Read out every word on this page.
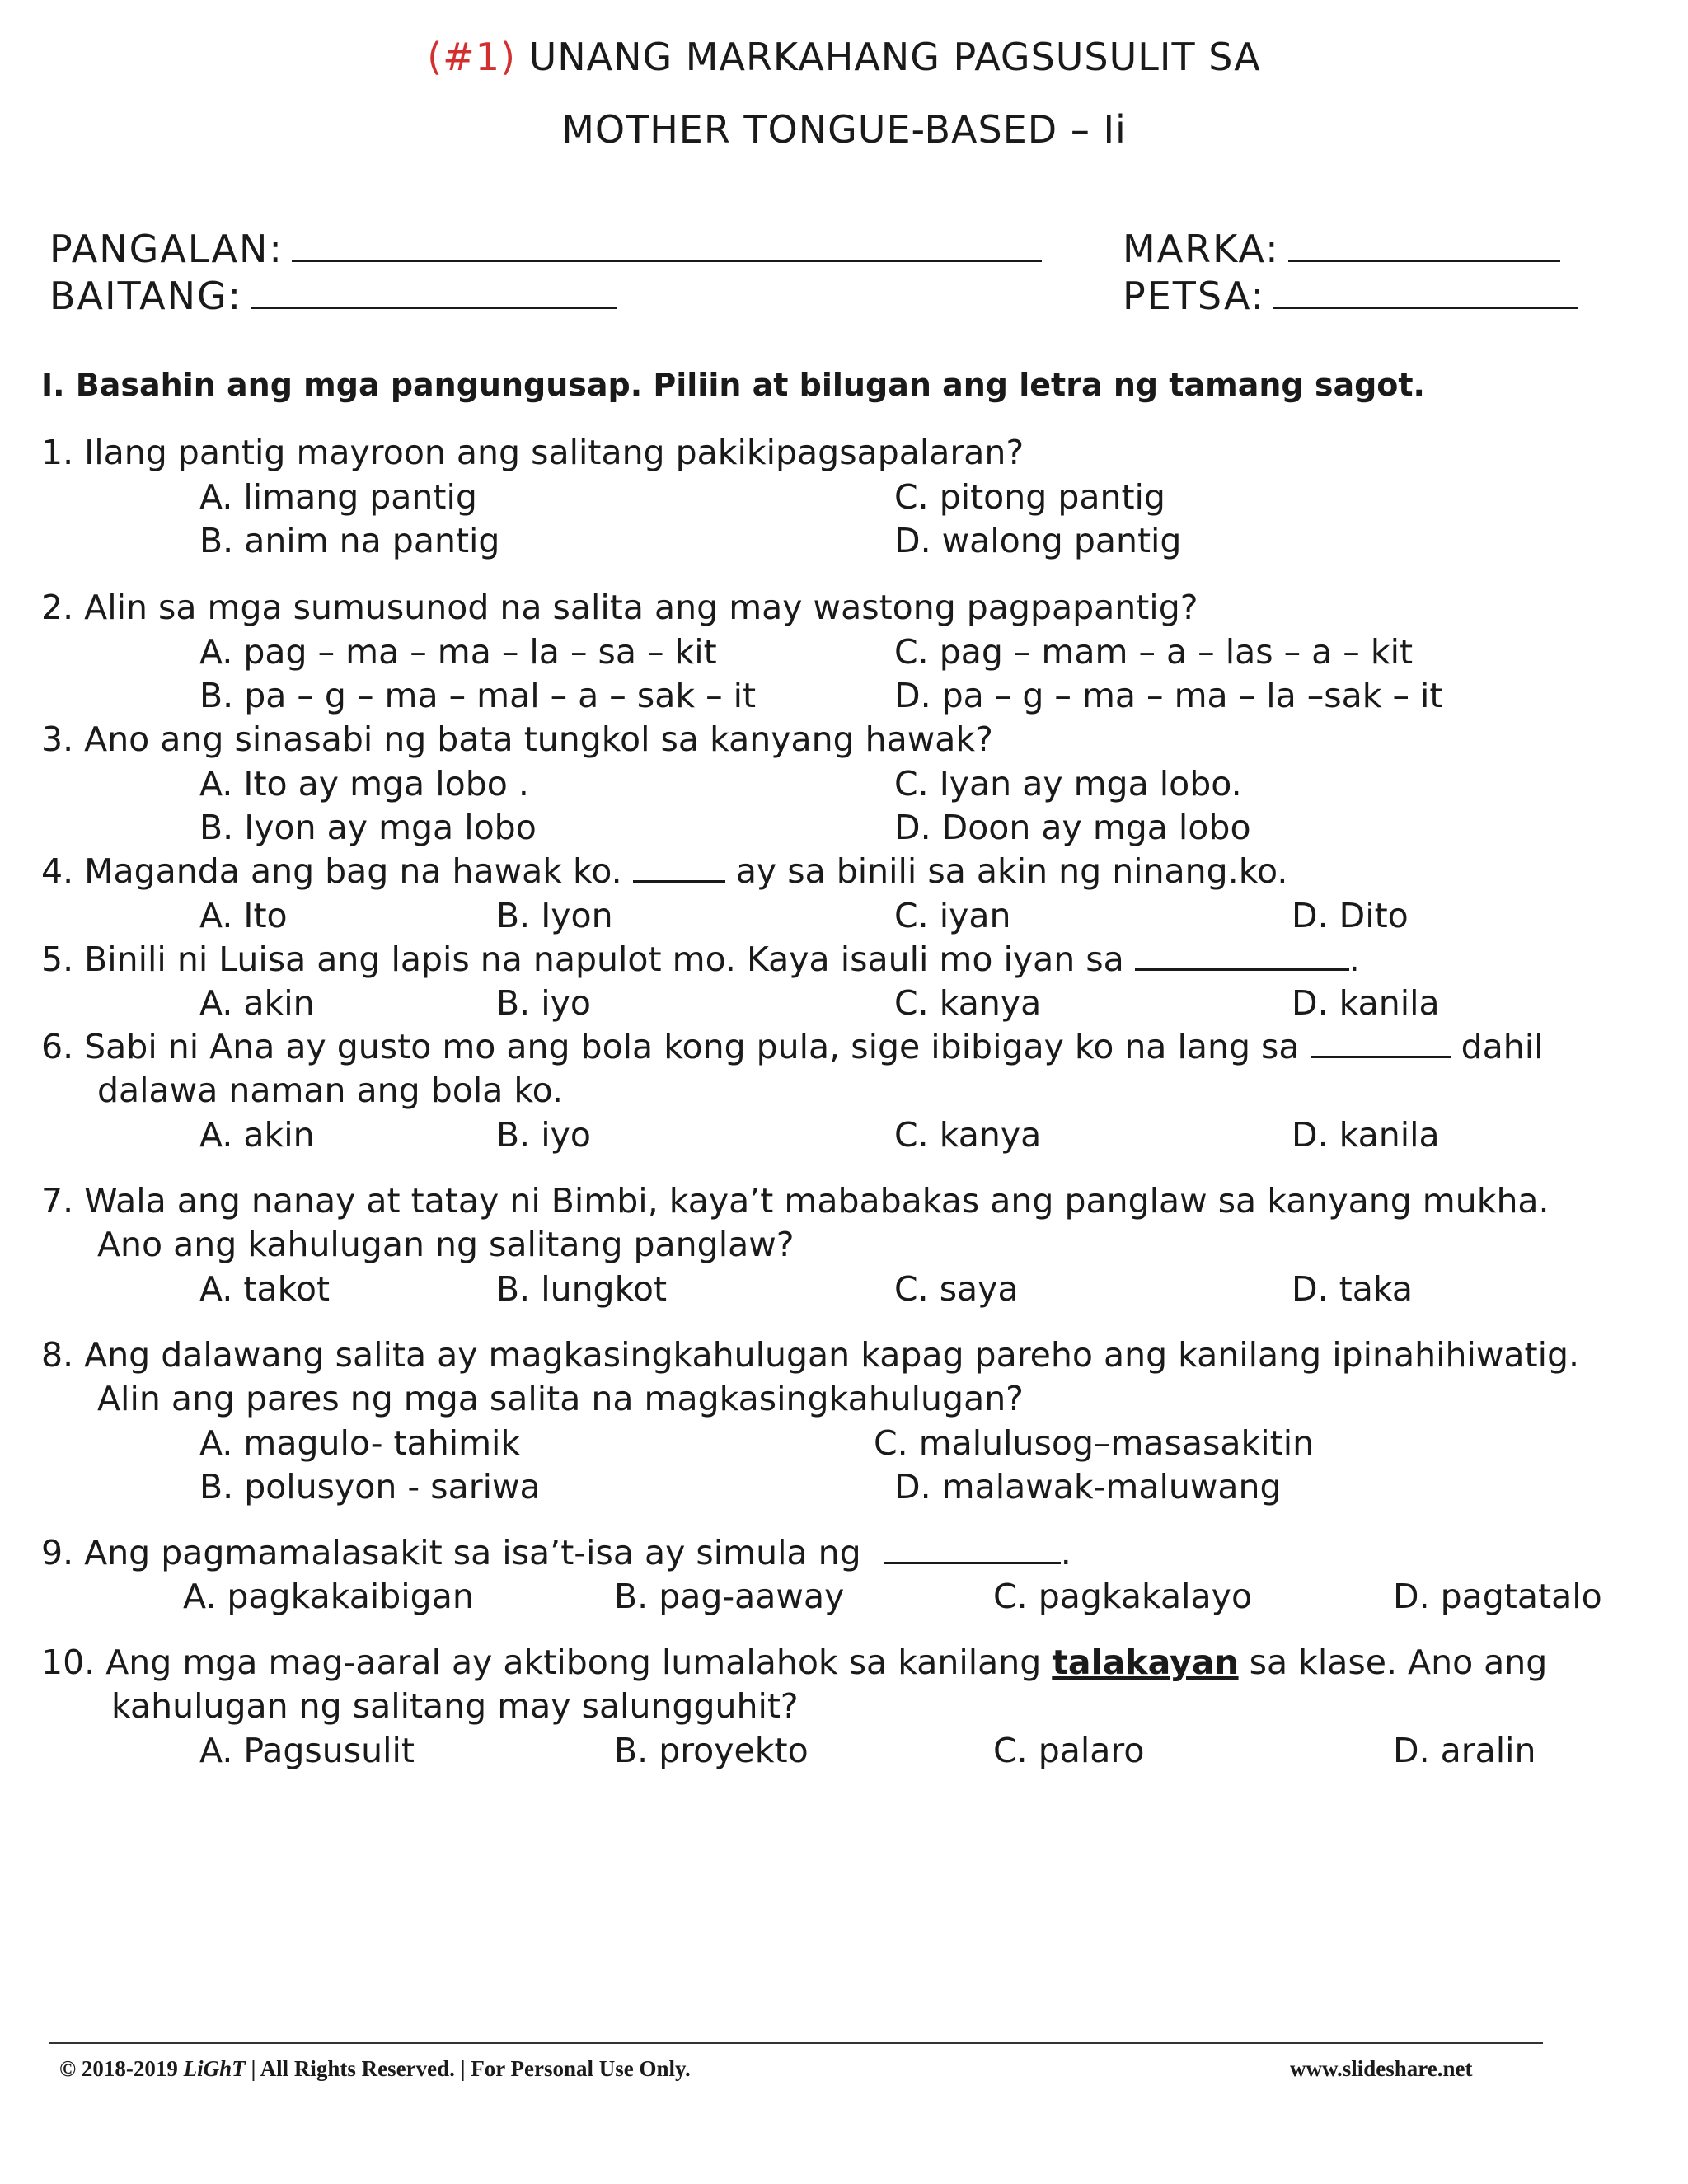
(#1) UNANG MARKAHANG PAGSUSULIT SA
MOTHER TONGUE-BASED – Ii
PANGALAN:	MARKA:
BAITANG:	PETSA:
I. Basahin ang mga pangungusap. Piliin at bilugan ang letra ng tamang sagot.
1. Ilang pantig mayroon ang salitang pakikipagsapalaran?
A. limang pantig	C. pitong pantig
B. anim na pantig	D. walong pantig
2. Alin sa mga sumusunod na salita ang may wastong pagpapantig?
A. pag – ma – ma – la – sa – kit	C. pag – mam – a – las – a – kit
B. pa – g – ma – mal – a – sak – it	D. pa – g – ma – ma – la –sak – it
3. Ano ang sinasabi ng bata tungkol sa kanyang hawak?
A. Ito ay mga lobo .	C. Iyan ay mga lobo.
B. Iyon ay mga lobo	D. Doon ay mga lobo
4. Maganda ang bag na hawak ko.	ay sa binili sa akin ng ninang.ko.
A. Ito	B. Iyon	C. iyan	D. Dito
5. Binili ni Luisa ang lapis na napulot mo. Kaya isauli mo iyan sa	.
A. akin	B. iyo	C. kanya	D. kanila
6. Sabi ni Ana ay gusto mo ang bola kong pula, sige ibibigay ko na lang sa	dahil
dalawa naman ang bola ko.
A. akin	B. iyo	C. kanya	D. kanila
7. Wala ang nanay at tatay ni Bimbi, kaya’t mababakas ang panglaw sa kanyang mukha.
Ano ang kahulugan ng salitang panglaw?
A. takot	B. lungkot	C. saya	D. taka
8. Ang dalawang salita ay magkasingkahulugan kapag pareho ang kanilang ipinahihiwatig.
Alin ang pares ng mga salita na magkasingkahulugan?
A. magulo- tahimik	C. malulusog–masasakitin
B. polusyon - sariwa	D. malawak-maluwang
9. Ang pagmamalasakit sa isa’t-isa ay simula ng	.
A. pagkakaibigan	B. pag-aaway	C. pagkakalayo	D. pagtatalo
10. Ang mga mag-aaral ay aktibong lumalahok sa kanilang talakayan sa klase. Ano ang
kahulugan ng salitang may salungguhit?
A. Pagsusulit	B. proyekto	C. palaro	D. aralin
© 2018-2019 LiGhT | All Rights Reserved. | For Personal Use Only.	www.slideshare.net
